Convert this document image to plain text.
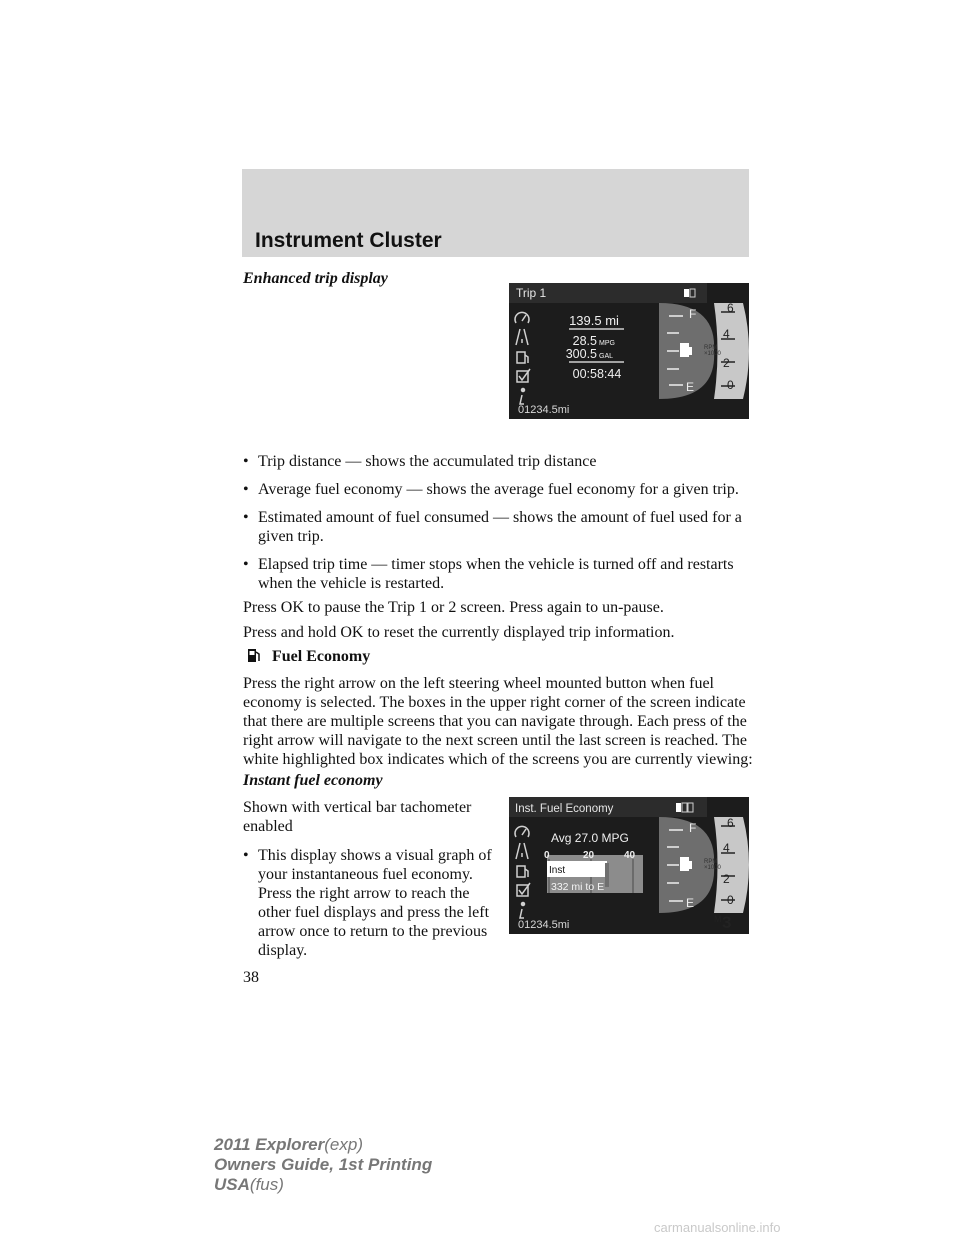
Instrument Cluster
Enhanced trip display
Trip 1
139.5 mi
28.5 MPG
300.5 GAL
00:58:44
F
E
6
4
RPM
×1000
2
0
01234.5mi
• Trip distance — shows the accumulated trip distance
• Average fuel economy — shows the average fuel economy for a given trip.
• Estimated amount of fuel consumed — shows the amount of fuel used for a given trip.
• Elapsed trip time — timer stops when the vehicle is turned off and restarts when the vehicle is restarted.

Press OK to pause the Trip 1 or 2 screen. Press again to un-pause.

Press and hold OK to reset the currently displayed trip information.

Fuel Economy

Press the right arrow on the left steering wheel mounted button when fuel economy is selected. The boxes in the upper right corner of the screen indicate that there are multiple screens that you can navigate through. Each press of the right arrow will navigate to the next screen until the last screen is reached. The white highlighted box indicates which of the screens you are currently viewing:

Instant fuel economy

Shown with vertical bar tachometer enabled

• This display shows a visual graph of your instantaneous fuel economy. Press the right arrow to reach the other fuel displays and press the left arrow once to return to the previous display.
Inst. Fuel Economy
Avg 27.0 MPG
0	20	40
Inst
332 mi to E
F
E
6
4
RPM
×1000
2
0
M 3
01234.5mi
38
2011 Explorer(exp)
Owners Guide, 1st Printing
USA(fus)
carmanualsonline.info
